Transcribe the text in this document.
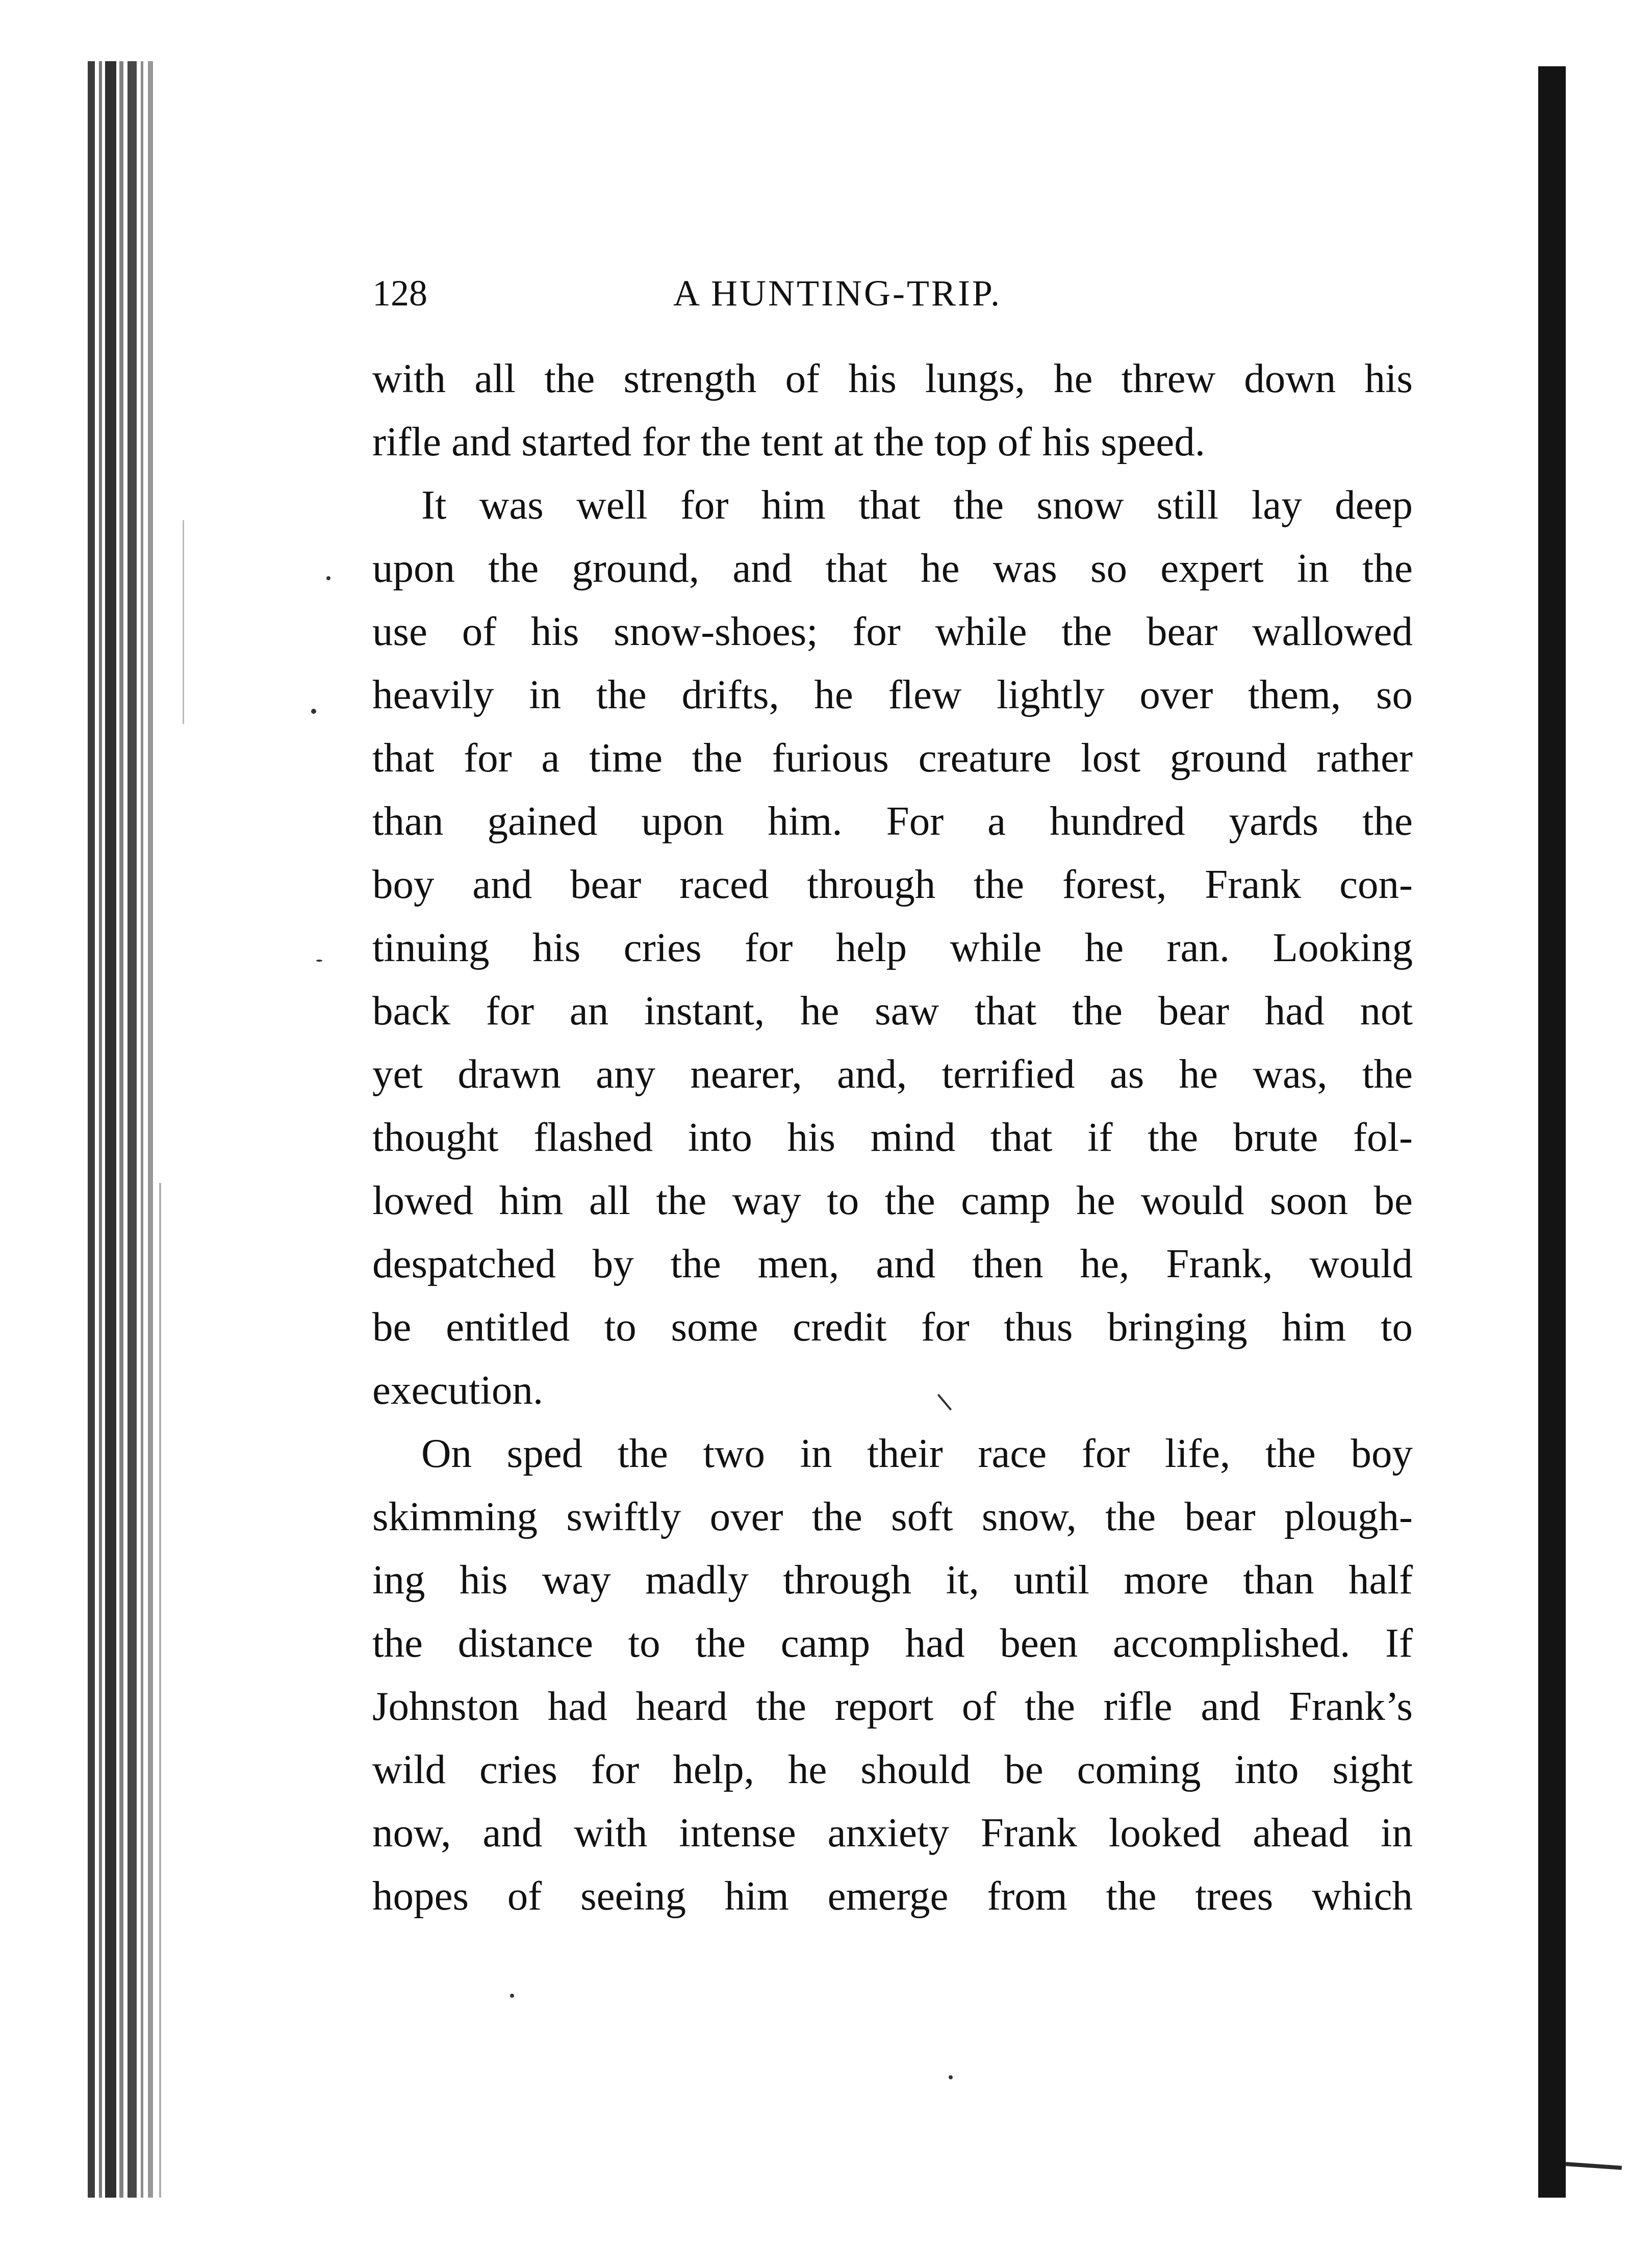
128	A HUNTING-TRIP.
with all the strength of his lungs, he threw down his
rifle and started for the tent at the top of his speed.
It was well for him that the snow still lay deep
upon the ground, and that he was so expert in the
use of his snow-shoes; for while the bear wallowed
heavily in the drifts, he flew lightly over them, so
that for a time the furious creature lost ground rather
than gained upon him. For a hundred yards the
boy and bear raced through the forest, Frank con-
tinuing his cries for help while he ran. Looking
back for an instant, he saw that the bear had not
yet drawn any nearer, and, terrified as he was, the
thought flashed into his mind that if the brute fol-
lowed him all the way to the camp he would soon be
despatched by the men, and then he, Frank, would
be entitled to some credit for thus bringing him to
execution.
On sped the two in their race for life, the boy
skimming swiftly over the soft snow, the bear plough-
ing his way madly through it, until more than half
the distance to the camp had been accomplished. If
Johnston had heard the report of the rifle and Frank’s
wild cries for help, he should be coming into sight
now, and with intense anxiety Frank looked ahead in
hopes of seeing him emerge from the trees which
